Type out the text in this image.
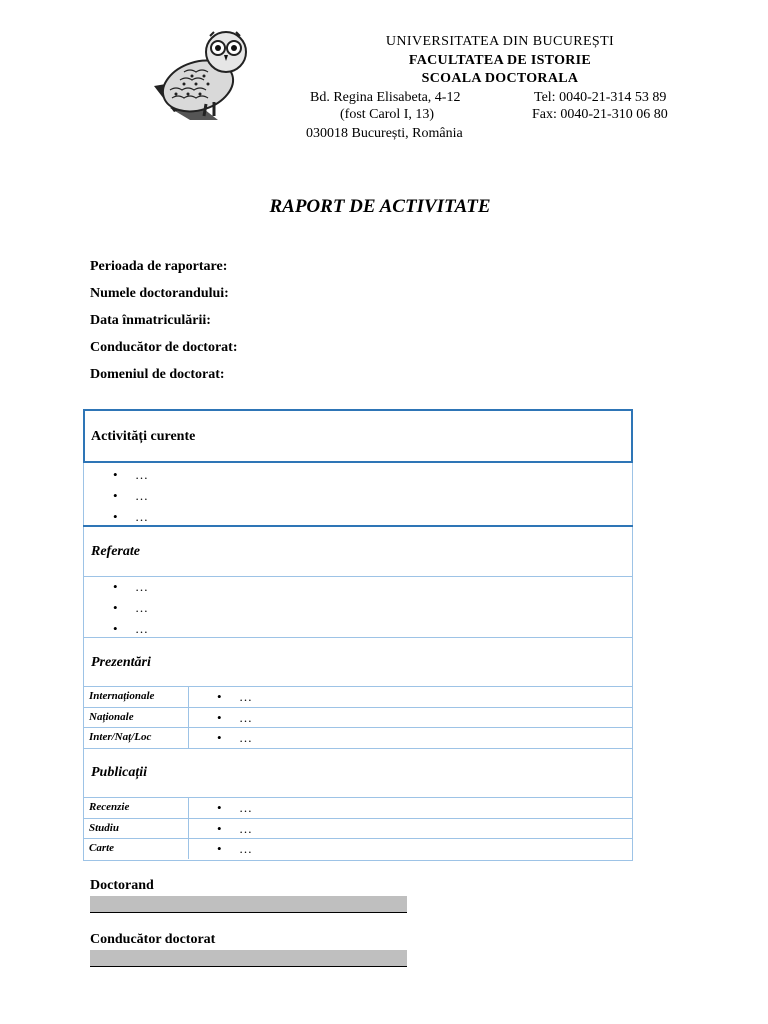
UNIVERSITATEA DIN BUCUREȘTI
FACULTATEA DE ISTORIE
SCOALA DOCTORALA
Bd. Regina Elisabeta, 4-12
(fost Carol I, 13)
030018 București, România
Tel: 0040-21-314 53 89
Fax: 0040-21-310 06 80
RAPORT DE ACTIVITATE
Perioada de raportare:
Numele doctorandului:
Data înmatriculării:
Conducător de doctorat:
Domeniul de doctorat:
Activități curente
• …
• …
• …
Referate
• …
• …
• …
Prezentări
Internaționale	• …
Naționale	• …
Inter/Naț/Loc	• …
Publicații
Recenzie	• …
Studiu	• …
Carte	• …
Doctorand
Conducător doctorat
